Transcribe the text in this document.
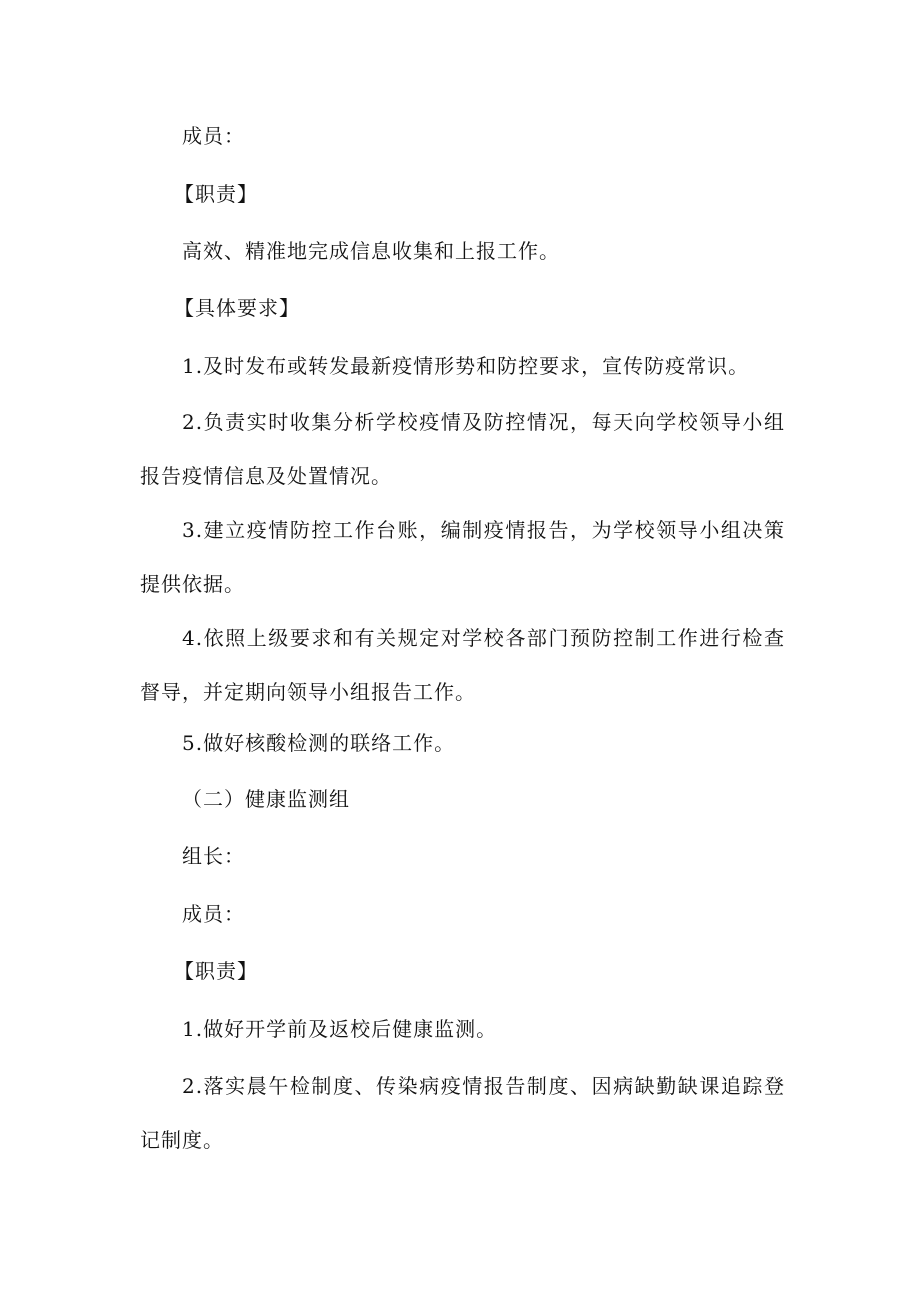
成员：

【职责】

高效、精准地完成信息收集和上报工作。

【具体要求】

1.及时发布或转发最新疫情形势和防控要求，宣传防疫常识。

2.负责实时收集分析学校疫情及防控情况，每天向学校领导小组报告疫情信息及处置情况。

3.建立疫情防控工作台账，编制疫情报告，为学校领导小组决策提供依据。

4.依照上级要求和有关规定对学校各部门预防控制工作进行检查督导，并定期向领导小组报告工作。

5.做好核酸检测的联络工作。

（二）健康监测组

组长：

成员：

【职责】

1.做好开学前及返校后健康监测。

2.落实晨午检制度、传染病疫情报告制度、因病缺勤缺课追踪登记制度。
